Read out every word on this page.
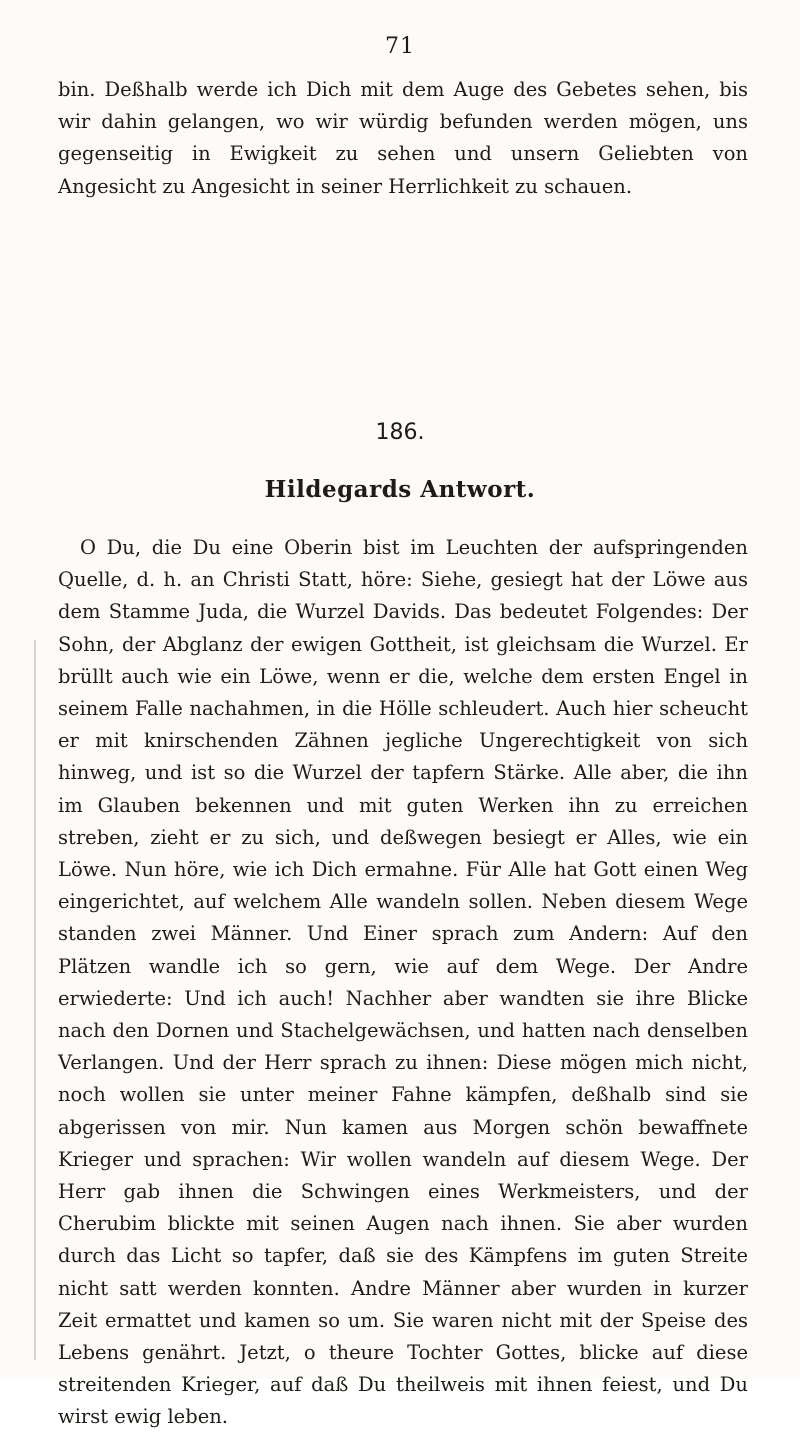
71

bin. Deßhalb werde ich Dich mit dem Auge des Gebetes sehen, bis wir dahin gelangen, wo wir würdig befunden werden mögen, uns gegenseitig in Ewigkeit zu sehen und unsern Geliebten von Angesicht zu Angesicht in seiner Herrlichkeit zu schauen.

186.
Hildegards Antwort.

O Du, die Du eine Oberin bist im Leuchten der aufspringenden Quelle, d. h. an Christi Statt, höre: Siehe, gesiegt hat der Löwe aus dem Stamme Juda, die Wurzel Davids. Das bedeutet Folgendes: Der Sohn, der Abglanz der ewigen Gottheit, ist gleichsam die Wurzel. Er brüllt auch wie ein Löwe, wenn er die, welche dem ersten Engel in seinem Falle nachahmen, in die Hölle schleudert. Auch hier scheucht er mit knirschenden Zähnen jegliche Ungerechtigkeit von sich hinweg, und ist so die Wurzel der tapfern Stärke. Alle aber, die ihn im Glauben bekennen und mit guten Werken ihn zu erreichen streben, zieht er zu sich, und deßwegen besiegt er Alles, wie ein Löwe. Nun höre, wie ich Dich ermahne. Für Alle hat Gott einen Weg eingerichtet, auf welchem Alle wandeln sollen. Neben diesem Wege standen zwei Männer. Und Einer sprach zum Andern: Auf den Plätzen wandle ich so gern, wie auf dem Wege. Der Andre erwiederte: Und ich auch! Nachher aber wandten sie ihre Blicke nach den Dornen und Stachelgewächsen, und hatten nach denselben Verlangen. Und der Herr sprach zu ihnen: Diese mögen mich nicht, noch wollen sie unter meiner Fahne kämpfen, deßhalb sind sie abgerissen von mir. Nun kamen aus Morgen schön bewaffnete Krieger und sprachen: Wir wollen wandeln auf diesem Wege. Der Herr gab ihnen die Schwingen eines Werkmeisters, und der Cherubim blickte mit seinen Augen nach ihnen. Sie aber wurden durch das Licht so tapfer, daß sie des Kämpfens im guten Streite nicht satt werden konnten. Andre Männer aber wurden in kurzer Zeit ermattet und kamen so um. Sie waren nicht mit der Speise des Lebens genährt. Jetzt, o theure Tochter Gottes, blicke auf diese streitenden Krieger, auf daß Du theilweis mit ihnen feiest, und Du wirst ewig leben.
